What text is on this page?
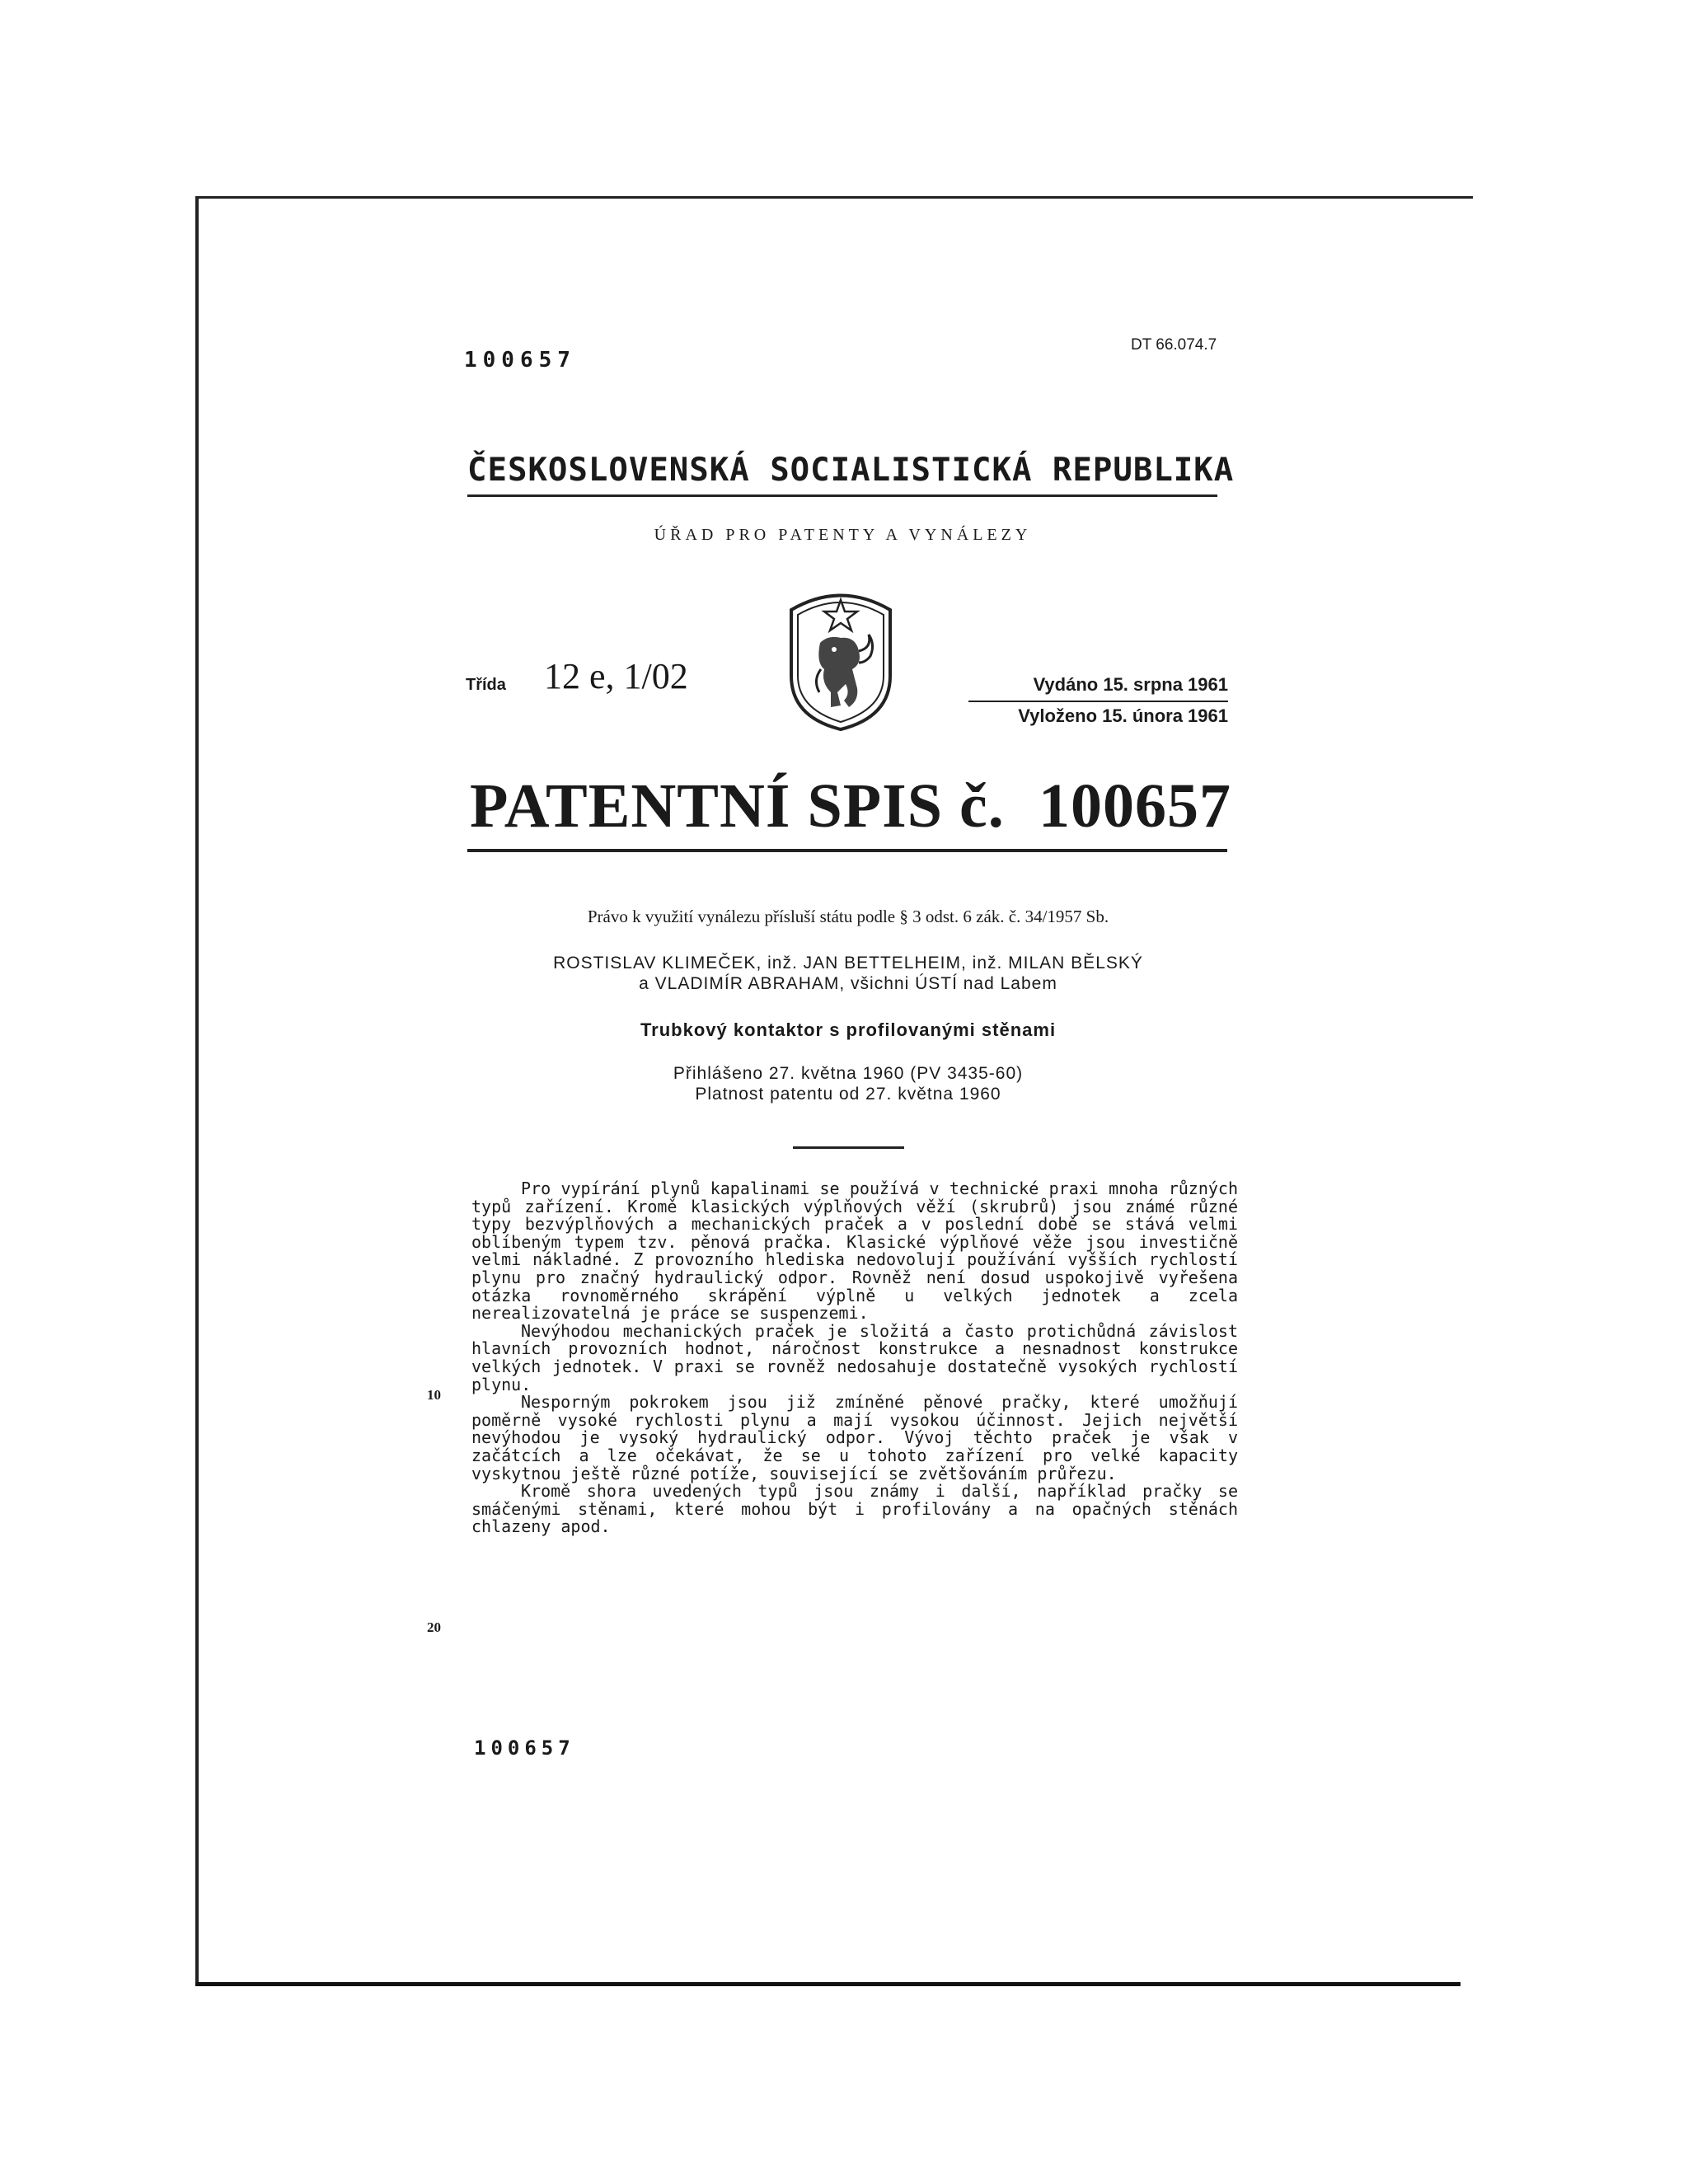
100657
DT 66.074.7
ČESKOSLOVENSKÁ SOCIALISTICKÁ REPUBLIKA
ÚŘAD PRO PATENTY A VYNÁLEZY
Třída 12 e, 1/02	Vydáno 15. srpna 1961
Vyloženo 15. února 1961
PATENTNÍ SPIS č. 100657
Právo k využití vynálezu přísluší státu podle § 3 odst. 6 zák. č. 34/1957 Sb.
ROSTISLAV KLIMEČEK, inž. JAN BETTELHEIM, inž. MILAN BĚLSKÝ
a VLADIMÍR ABRAHAM, všichni ÚSTÍ nad Labem
Trubkový kontaktor s profilovanými stěnami
Přihlášeno 27. května 1960 (PV 3435-60)
Platnost patentu od 27. května 1960

Pro vypírání plynů kapalinami se používá v technické praxi mnoha různých typů zařízení. Kromě klasických výplňových věží (skrubrů) jsou známé různé typy bezvýplňových a mechanických praček a v poslední době se stává velmi oblíbeným typem tzv. pěnová pračka. Klasické výplňové věže jsou investičně velmi nákladné. Z provozního hlediska nedovolují používání vyšších rychlostí plynu pro značný hydraulický odpor. Rovněž není dosud uspokojivě vyřešena otázka rovnoměrného skrápění výplně u velkých jednotek a zcela nerealizovatelná je práce se suspenzemi.

Nevýhodou mechanických praček je složitá a často protichůdná závislost hlavních provozních hodnot, náročnost konstrukce a nesnadnost konstrukce velkých jednotek. V praxi se rovněž nedosahuje dostatečně vysokých rychlostí plynu.

Nesporným pokrokem jsou již zmíněné pěnové pračky, které umožňují poměrně vysoké rychlosti plynu a mají vysokou účinnost. Jejich největší nevýhodou je vysoký hydraulický odpor. Vývoj těchto praček je však v začátcích a lze očekávat, že se u tohoto zařízení pro velké kapacity vyskytnou ještě různé potíže, související se zvětšováním průřezu.

Kromě shora uvedených typů jsou známy i další, například pračky se smáčenými stěnami, které mohou být i profilovány a na opačných stěnách chlazeny apod.

10
20
100657
